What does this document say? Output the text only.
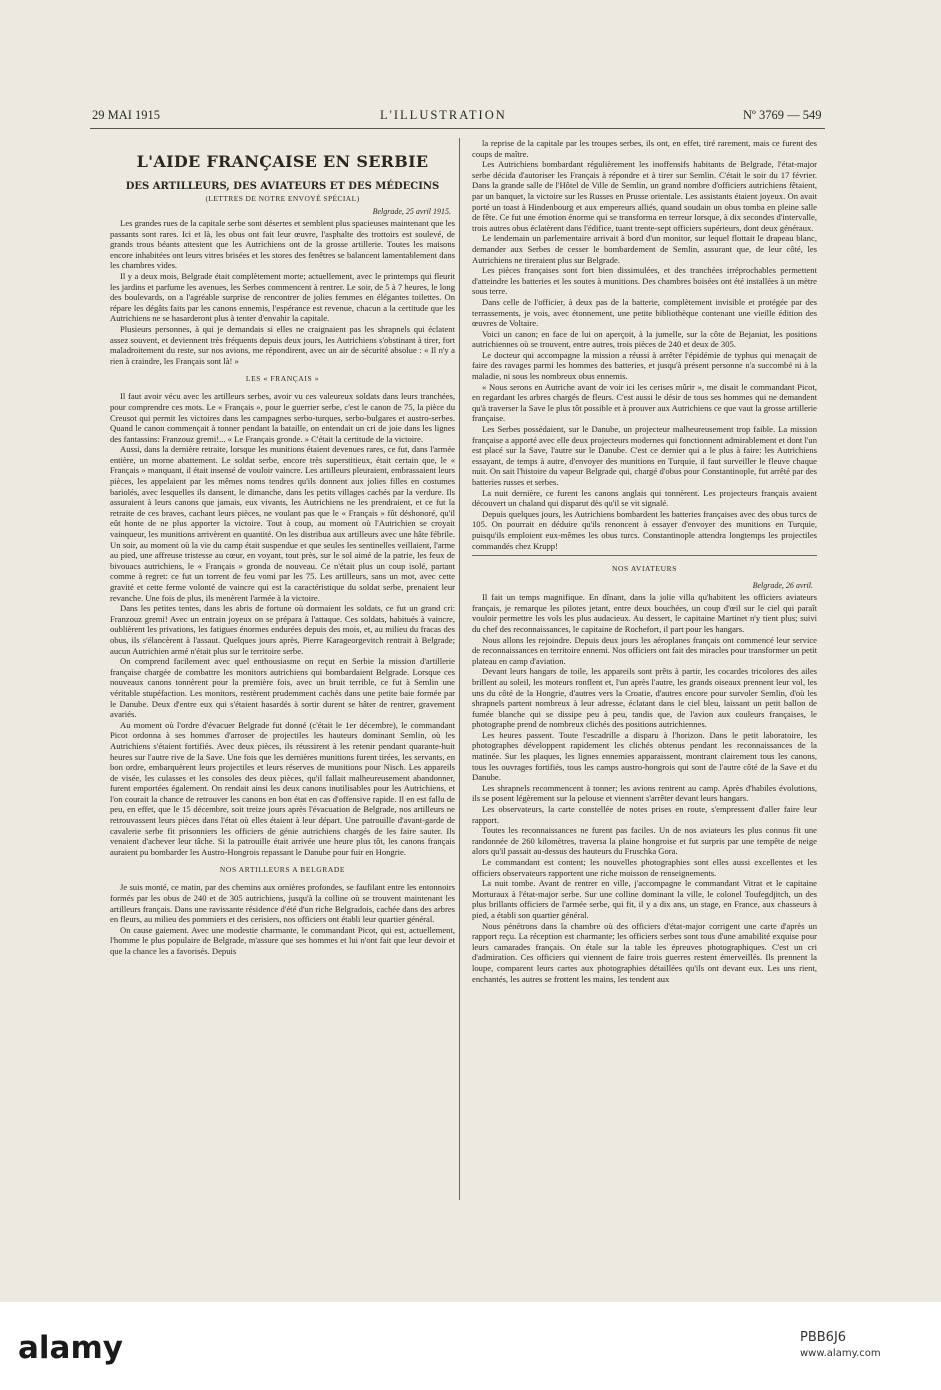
29 MAI 1915	L'ILLUSTRATION	Nº 3769 — 549
L'AIDE FRANÇAISE EN SERBIE
DES ARTILLEURS, DES AVIATEURS ET DES MÉDECINS
(LETTRES DE NOTRE ENVOYÉ SPÉCIAL)
Belgrade, 25 avril 1915.

Les grandes rues de la capitale serbe sont désertes et semblent plus spacieuses maintenant que les passants sont rares. Ici et là, les obus ont fait leur œuvre, l'asphalte des trottoirs est soulevé, de grands trous béants attestent que les Autrichiens ont de la grosse artillerie. Toutes les maisons encore inhabitées ont leurs vitres brisées et les stores des fenêtres se balancent lamentablement dans les chambres vides.

Il y a deux mois, Belgrade était complètement morte; actuellement, avec le printemps qui fleurit les jardins et parfume les avenues, les Serbes commencent à rentrer. Le soir, de 5 à 7 heures, le long des boulevards, on a l'agréable surprise de rencontrer de jolies femmes en élégantes toilettes. On répare les dégâts faits par les canons ennemis, l'espérance est revenue, chacun a la certitude que les Autrichiens ne se hasarderont plus à tenter d'envahir la capitale.

Plusieurs personnes, à qui je demandais si elles ne craignaient pas les shrapnels qui éclatent assez souvent, et deviennent très fréquents depuis deux jours, les Autrichiens s'obstinant à tirer, fort maladroitement du reste, sur nos avions, me répondirent, avec un air de sécurité absolue : « Il n'y a rien à craindre, les Français sont là! »

LES « FRANÇAIS »

Il faut avoir vécu avec les artilleurs serbes, avoir vu ces valeureux soldats dans leurs tranchées, pour comprendre ces mots. Le « Français », pour le guerrier serbe, c'est le canon de 75, la pièce du Creusot qui permit les victoires dans les campagnes serbo-turques, serbo-bulgares et austro-serbes. Quand le canon commençait à tonner pendant la bataille, on entendait un cri de joie dans les lignes des fantassins: Franzouz gremi!... « Le Français gronde. » C'était la certitude de la victoire.

Aussi, dans la dernière retraite, lorsque les munitions étaient devenues rares, ce fut, dans l'armée entière, un morne abattement. Le soldat serbe, encore très superstitieux, était certain que, le « Français » manquant, il était insensé de vouloir vaincre. Les artilleurs pleuraient, embrassaient leurs pièces, les appelaient par les mêmes noms tendres qu'ils donnent aux jolies filles en costumes bariolés, avec lesquelles ils dansent, le dimanche, dans les petits villages cachés par la verdure. Ils assuraient à leurs canons que jamais, eux vivants, les Autrichiens ne les prendraient, et ce fut la retraite de ces braves, cachant leurs pièces, ne voulant pas que le « Français » fût déshonoré, qu'il eût honte de ne plus apporter la victoire. Tout à coup, au moment où l'Autrichien se croyait vainqueur, les munitions arrivèrent en quantité. On les distribua aux artilleurs avec une hâte fébrile. Un soir, au moment où la vie du camp était suspendue et que seules les sentinelles veillaient, l'arme au pied, une affreuse tristesse au cœur, en voyant, tout près, sur le sol aimé de la patrie, les feux de bivouacs autrichiens, le « Français » gronda de nouveau. Ce n'était plus un coup isolé, partant comme à regret: ce fut un torrent de feu vomi par les 75. Les artilleurs, sans un mot, avec cette gravité et cette ferme volonté de vaincre qui est la caractéristique du soldat serbe, prenaient leur revanche. Une fois de plus, ils menèrent l'armée à la victoire.

Dans les petites tentes, dans les abris de fortune où dormaient les soldats, ce fut un grand cri: Franzouz gremi! Avec un entrain joyeux on se prépara à l'attaque. Ces soldats, habitués à vaincre, oublièrent les privations, les fatigues énormes endurées depuis des mois, et, au milieu du fracas des obus, ils s'élancèrent à l'assaut. Quelques jours après, Pierre Karageorgevitch rentrait à Belgrade; aucun Autrichien armé n'était plus sur le territoire serbe.

On comprend facilement avec quel enthousiasme on reçut en Serbie la mission d'artillerie française chargée de combattre les monitors autrichiens qui bombardaient Belgrade. Lorsque ces nouveaux canons tonnèrent pour la première fois, avec un bruit terrible, ce fut à Semlin une véritable stupéfaction. Les monitors, restèrent prudemment cachés dans une petite baie formée par le Danube. Deux d'entre eux qui s'étaient hasardés à sortir durent se hâter de rentrer, gravement avariés.

Au moment où l'ordre d'évacuer Belgrade fut donné (c'était le 1er décembre), le commandant Picot ordonna à ses hommes d'arroser de projectiles les hauteurs dominant Semlin, où les Autrichiens s'étaient fortifiés. Avec deux pièces, ils réussirent à les retenir pendant quarante-huit heures sur l'autre rive de la Save. Une fois que les dernières munitions furent tirées, les servants, en bon ordre, embarquèrent leurs projectiles et leurs réserves de munitions pour Nisch. Les appareils de visée, les culasses et les consoles des deux pièces, qu'il fallait malheureusement abandonner, furent emportées également. On rendait ainsi les deux canons inutilisables pour les Autrichiens, et l'on courait la chance de retrouver les canons en bon état en cas d'offensive rapide. Il en est fallu de peu, en effet, que le 15 décembre, soit treize jours après l'évacuation de Belgrade, nos artilleurs ne retrouvassent leurs pièces dans l'état où elles étaient à leur départ. Une patrouille d'avant-garde de cavalerie serbe fit prisonniers les officiers de génie autrichiens chargés de les faire sauter. Ils venaient d'achever leur tâche. Si la patrouille était arrivée une heure plus tôt, les canons français auraient pu bombarder les Austro-Hongrois repassant le Danube pour fuir en Hongrie.

NOS ARTILLEURS A BELGRADE

Je suis monté, ce matin, par des chemins aux ornières profondes, se faufilant entre les entonnoirs formés par les obus de 240 et de 305 autrichiens, jusqu'à la colline où se trouvent maintenant les artilleurs français. Dans une ravissante résidence d'été d'un riche Belgradois, cachée dans des arbres en fleurs, au milieu des pommiers et des cerisiers, nos officiers ont établi leur quartier général.

On cause gaiement. Avec une modestie charmante, le commandant Picot, qui est, actuellement, l'homme le plus populaire de Belgrade, m'assure que ses hommes et lui n'ont fait que leur devoir et que la chance les a favorisés. Depuis

la reprise de la capitale par les troupes serbes, ils ont, en effet, tiré rarement, mais ce furent des coups de maître.

Les Autrichiens bombardant régulièrement les inoffensifs habitants de Belgrade, l'état-major serbe décida d'autoriser les Français à répondre et à tirer sur Semlin. C'était le soir du 17 février. Dans la grande salle de l'Hôtel de Ville de Semlin, un grand nombre d'officiers autrichiens fêtaient, par un banquet, la victoire sur les Russes en Prusse orientale. Les assistants étaient joyeux. On avait porté un toast à Hindenbourg et aux empereurs alliés, quand soudain un obus tomba en pleine salle de fête. Ce fut une émotion énorme qui se transforma en terreur lorsque, à dix secondes d'intervalle, trois autres obus éclatèrent dans l'édifice, tuant trente-sept officiers supérieurs, dont deux généraux.

Le lendemain un parlementaire arrivait à bord d'un monitor, sur lequel flottait le drapeau blanc, demander aux Serbes de cesser le bombardement de Semlin, assurant que, de leur côté, les Autrichiens ne tireraient plus sur Belgrade.

Les pièces françaises sont fort bien dissimulées, et des tranchées irréprochables permettent d'atteindre les batteries et les soutes à munitions. Des chambres boisées ont été installées à un mètre sous terre.

Dans celle de l'officier, à deux pas de la batterie, complètement invisible et protégée par des terrassements, je vois, avec étonnement, une petite bibliothèque contenant une vieille édition des œuvres de Voltaire.

Voici un canon; en face de lui on aperçoit, à la jumelle, sur la côte de Bejaniat, les positions autrichiennes où se trouvent, entre autres, trois pièces de 240 et deux de 305.

Le docteur qui accompagne la mission a réussi à arrêter l'épidémie de typhus qui menaçait de faire des ravages parmi les hommes des batteries, et jusqu'à présent personne n'a succombé ni à la maladie, ni sous les nombreux obus ennemis.

« Nous serons en Autriche avant de voir ici les cerises mûrir », me disait le commandant Picot, en regardant les arbres chargés de fleurs. C'est aussi le désir de tous ses hommes qui ne demandent qu'à traverser la Save le plus tôt possible et à prouver aux Autrichiens ce que vaut la grosse artillerie française.

Les Serbes possédaient, sur le Danube, un projecteur malheureusement trop faible. La mission française a apporté avec elle deux projecteurs modernes qui fonctionnent admirablement et dont l'un est placé sur la Save, l'autre sur le Danube. C'est ce dernier qui a le plus à faire: les Autrichiens essayant, de temps à autre, d'envoyer des munitions en Turquie, il faut surveiller le fleuve chaque nuit. On sait l'histoire du vapeur Belgrade qui, chargé d'obus pour Constantinople, fut arrêté par des batteries russes et serbes.

La nuit dernière, ce furent les canons anglais qui tonnèrent. Les projecteurs français avaient découvert un chaland qui disparut dès qu'il se vit signalé.

Depuis quelques jours, les Autrichiens bombardent les batteries françaises avec des obus turcs de 105. On pourrait en déduire qu'ils renoncent à essayer d'envoyer des munitions en Turquie, puisqu'ils emploient eux-mêmes les obus turcs. Constantinople attendra longtemps les projectiles commandés chez Krupp!

NOS AVIATEURS
Belgrade, 26 avril.

Il fait un temps magnifique. En dînant, dans la jolie villa qu'habitent les officiers aviateurs français, je remarque les pilotes jetant, entre deux bouchées, un coup d'œil sur le ciel qui paraît vouloir permettre les vols les plus audacieux. Au dessert, le capitaine Martinet n'y tient plus; suivi du chef des reconnaissances, le capitaine de Rochefort, il part pour les hangars.

Nous allons les rejoindre. Depuis deux jours les aéroplanes français ont commencé leur service de reconnaissances en territoire ennemi. Nos officiers ont fait des miracles pour transformer un petit plateau en camp d'aviation.

Devant leurs hangars de toile, les appareils sont prêts à partir, les cocardes tricolores des ailes brillent au soleil, les moteurs ronflent et, l'un après l'autre, les grands oiseaux prennent leur vol, les uns du côté de la Hongrie, d'autres vers la Croatie, d'autres encore pour survoler Semlin, d'où les shrapnels partent nombreux à leur adresse, éclatant dans le ciel bleu, laissant un petit ballon de fumée blanche qui se dissipe peu à peu, tandis que, de l'avion aux couleurs françaises, le photographe prend de nombreux clichés des positions autrichiennes.

Les heures passent. Toute l'escadrille a disparu à l'horizon. Dans le petit laboratoire, les photographes développent rapidement les clichés obtenus pendant les reconnaissances de la matinée. Sur les plaques, les lignes ennemies apparaissent, montrant clairement tous les canons, tous les ouvrages fortifiés, tous les camps austro-hongrois qui sont de l'autre côté de la Save et du Danube.

Les shrapnels recommencent à tonner; les avions rentrent au camp. Après d'habiles évolutions, ils se posent légèrement sur la pelouse et viennent s'arrêter devant leurs hangars.

Les observateurs, la carte constellée de notes prises en route, s'empressent d'aller faire leur rapport.

Toutes les reconnaissances ne furent pas faciles. Un de nos aviateurs les plus connus fit une randonnée de 260 kilomètres, traversa la plaine hongroise et fut surpris par une tempête de neige alors qu'il passait au-dessus des hauteurs du Fruschka Gora.

Le commandant est content; les nouvelles photographies sont elles aussi excellentes et les officiers observateurs rapportent une riche moisson de renseignements.

La nuit tombe. Avant de rentrer en ville, j'accompagne le commandant Vitrat et le capitaine Morturaux à l'état-major serbe. Sur une colline dominant la ville, le colonel Toufegdjitch, un des plus brillants officiers de l'armée serbe, qui fit, il y a dix ans, un stage, en France, aux chasseurs à pied, a établi son quartier général.

Nous pénétrons dans la chambre où des officiers d'état-major corrigent une carte d'après un rapport reçu. La réception est charmante; les officiers serbes sont tous d'une amabilité exquise pour leurs camarades français. On étale sur la table les épreuves photographiques. C'est un cri d'admiration. Ces officiers qui viennent de faire trois guerres restent émerveillés. Ils prennent la loupe, comparent leurs cartes aux photographies détaillées qu'ils ont devant eux. Les uns rient, enchantés, les autres se frottent les mains, les tendent aux

alamy	PBB6J6
www.alamy.com
